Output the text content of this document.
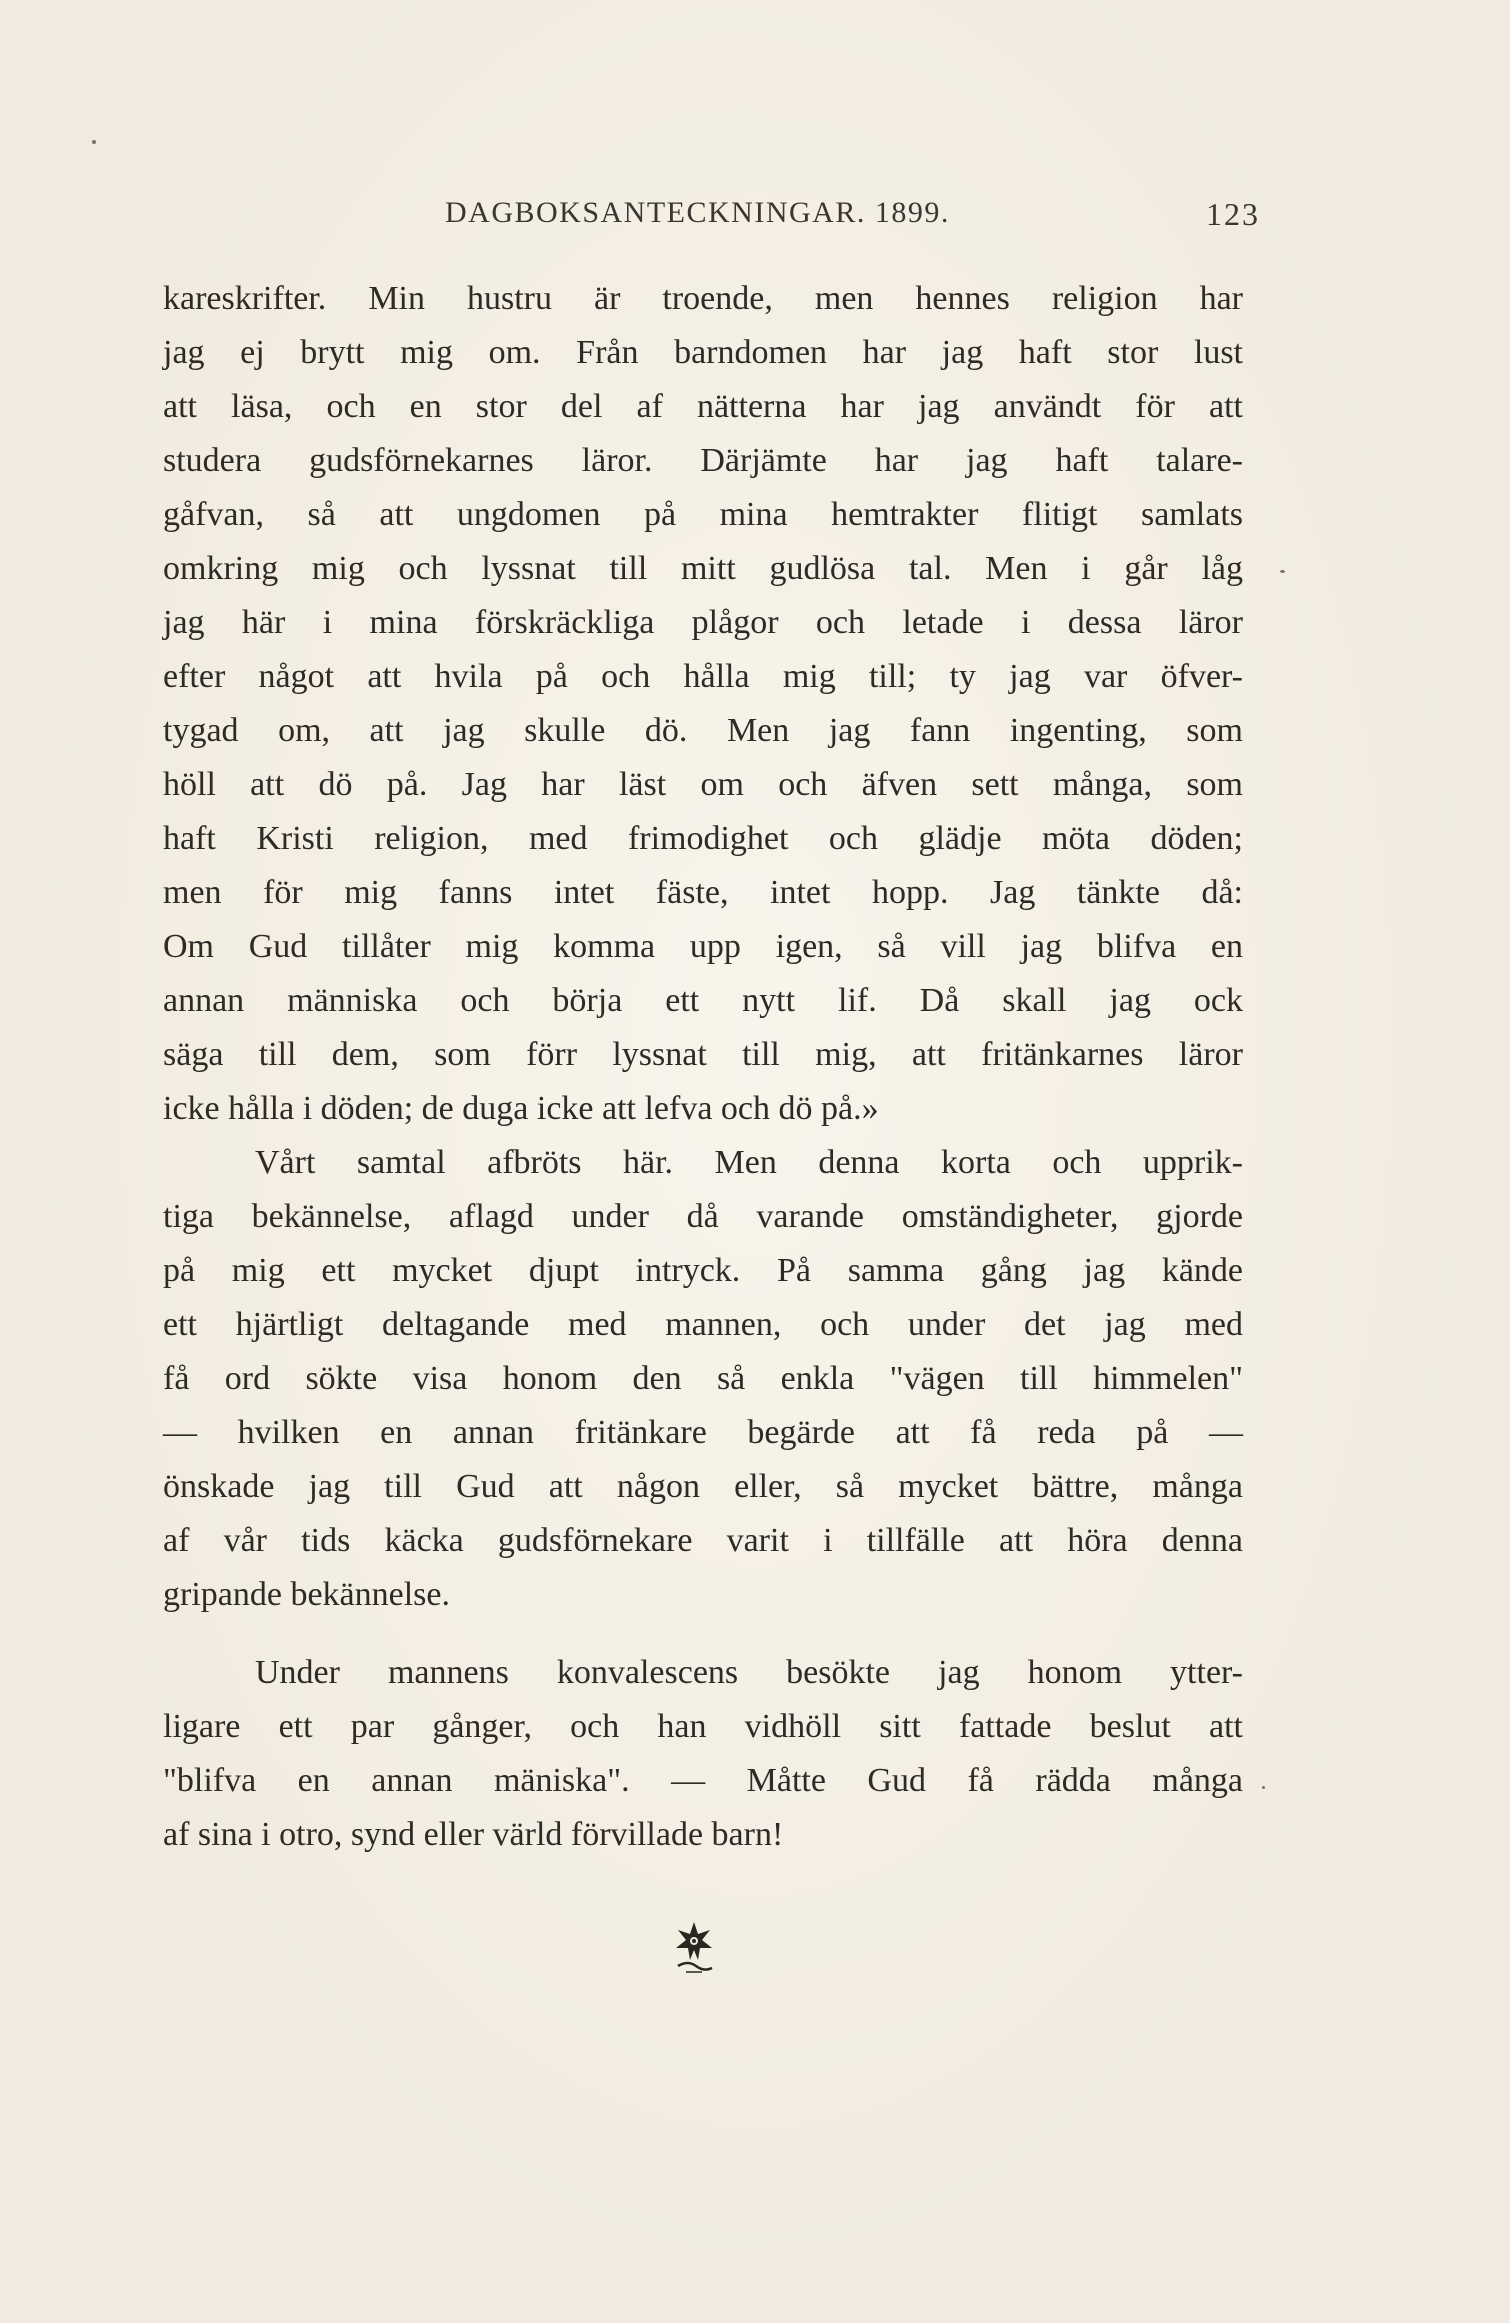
DAGBOKSANTECKNINGAR. 1899.	123
kareskrifter. Min hustru är troende, men hennes religion har
jag ej brytt mig om. Från barndomen har jag haft stor lust
att läsa, och en stor del af nätterna har jag användt för att
studera gudsförnekarnes läror. Därjämte har jag haft talare-
gåfvan, så att ungdomen på mina hemtrakter flitigt samlats
omkring mig och lyssnat till mitt gudlösa tal. Men i går låg
jag här i mina förskräckliga plågor och letade i dessa läror
efter något att hvila på och hålla mig till; ty jag var öfver-
tygad om, att jag skulle dö. Men jag fann ingenting, som
höll att dö på. Jag har läst om och äfven sett många, som
haft Kristi religion, med frimodighet och glädje möta döden;
men för mig fanns intet fäste, intet hopp. Jag tänkte då:
Om Gud tillåter mig komma upp igen, så vill jag blifva en
annan människa och börja ett nytt lif. Då skall jag ock
säga till dem, som förr lyssnat till mig, att fritänkarnes läror
icke hålla i döden; de duga icke att lefva och dö på.»
Vårt samtal afbröts här. Men denna korta och upprik-
tiga bekännelse, aflagd under då varande omständigheter, gjorde
på mig ett mycket djupt intryck. På samma gång jag kände
ett hjärtligt deltagande med mannen, och under det jag med
få ord sökte visa honom den så enkla "vägen till himmelen"
— hvilken en annan fritänkare begärde att få reda på —
önskade jag till Gud att någon eller, så mycket bättre, många
af vår tids käcka gudsförnekare varit i tillfälle att höra denna
gripande bekännelse.
Under mannens konvalescens besökte jag honom ytter-
ligare ett par gånger, och han vidhöll sitt fattade beslut att
"blifva en annan mäniska". — Måtte Gud få rädda många
af sina i otro, synd eller värld förvillade barn!
